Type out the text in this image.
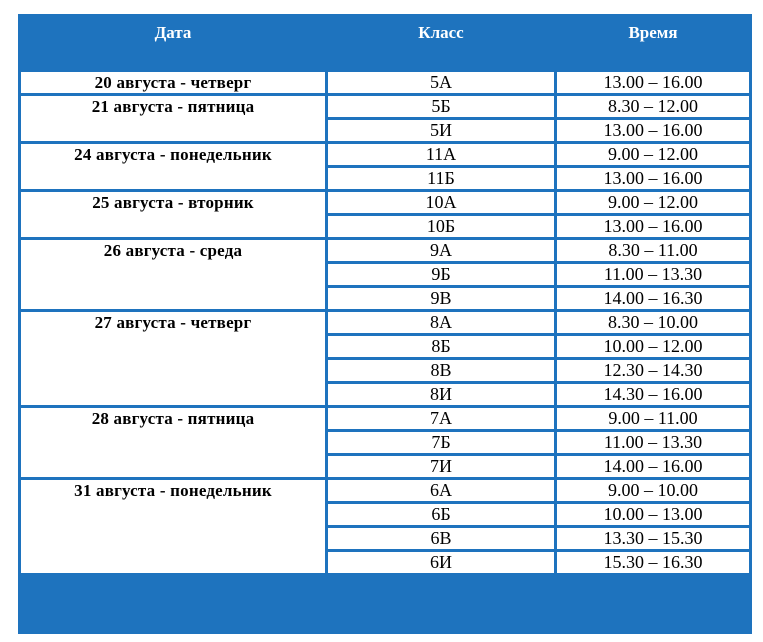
Дата	Класс	Время
20 августа - четверг	5А	13.00 – 16.00
21 августа - пятница	5Б	8.30 – 12.00
	5И	13.00 – 16.00
24 августа - понедельник	11А	9.00 – 12.00
	11Б	13.00 – 16.00
25 августа - вторник	10А	9.00 – 12.00
	10Б	13.00 – 16.00
26 августа - среда	9А	8.30 – 11.00
	9Б	11.00 – 13.30
	9В	14.00 – 16.30
27 августа - четверг	8А	8.30 – 10.00
	8Б	10.00 – 12.00
	8В	12.30 – 14.30
	8И	14.30 – 16.00
28 августа - пятница	7А	9.00 – 11.00
	7Б	11.00 – 13.30
	7И	14.00 – 16.00
31 августа - понедельник	6А	9.00 – 10.00
	6Б	10.00 – 13.00
	6В	13.30 – 15.30
	6И	15.30 – 16.30
